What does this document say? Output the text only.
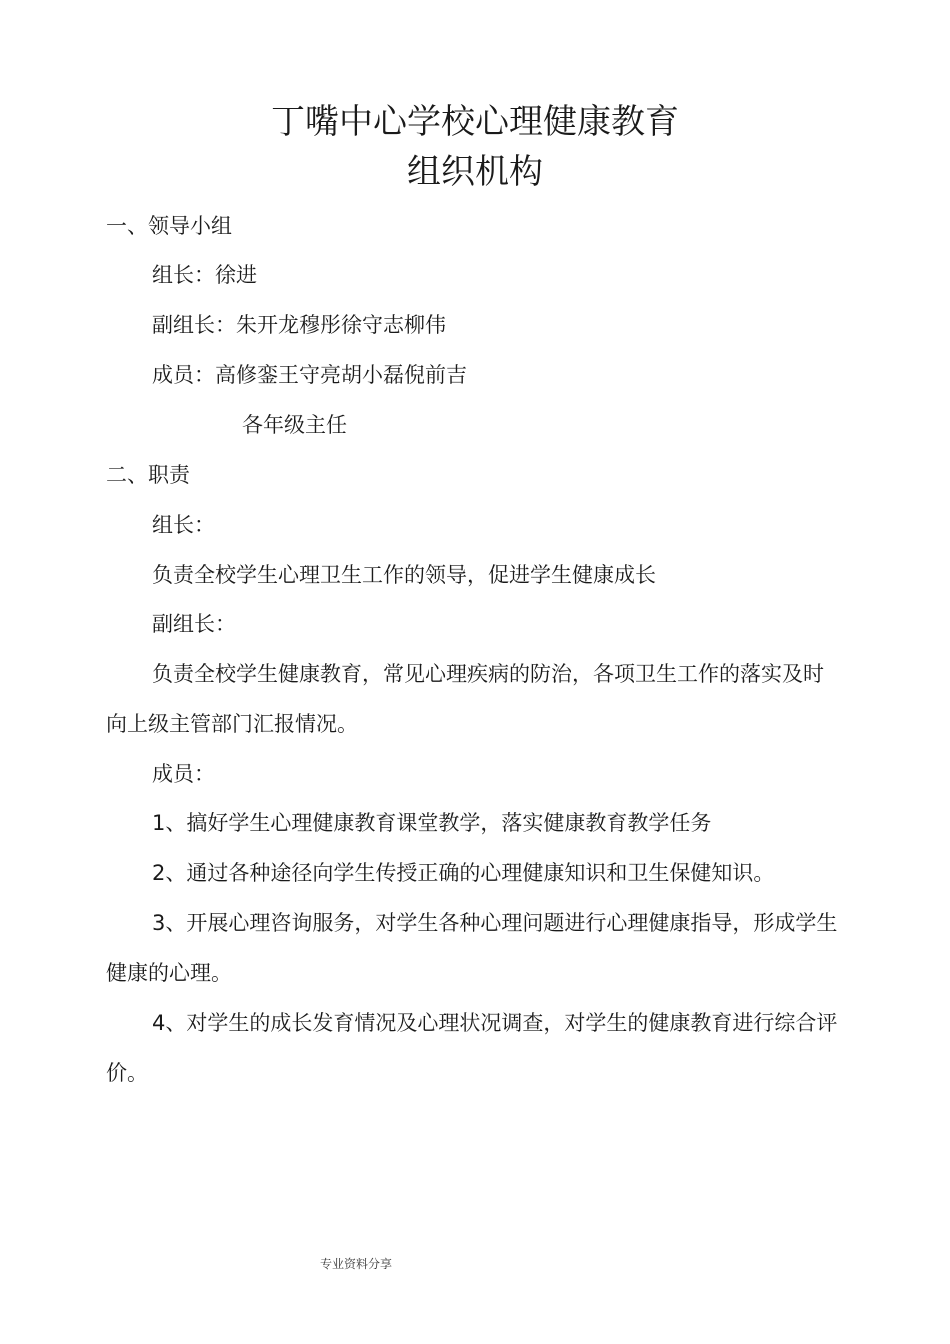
丁嘴中心学校心理健康教育
组织机构
一、领导小组
组长：徐进
副组长：朱开龙穆彤徐守志柳伟
成员：高修銮王守亮胡小磊倪前吉
各年级主任
二、职责
组长：
负责全校学生心理卫生工作的领导，促进学生健康成长
副组长：
负责全校学生健康教育，常见心理疾病的防治，各项卫生工作的落实及时
向上级主管部门汇报情况。
成员：
1、搞好学生心理健康教育课堂教学，落实健康教育教学任务
2、通过各种途径向学生传授正确的心理健康知识和卫生保健知识。
3、开展心理咨询服务，对学生各种心理问题进行心理健康指导，形成学生
健康的心理。
4、对学生的成长发育情况及心理状况调查，对学生的健康教育进行综合评
价。
专业资料分享
